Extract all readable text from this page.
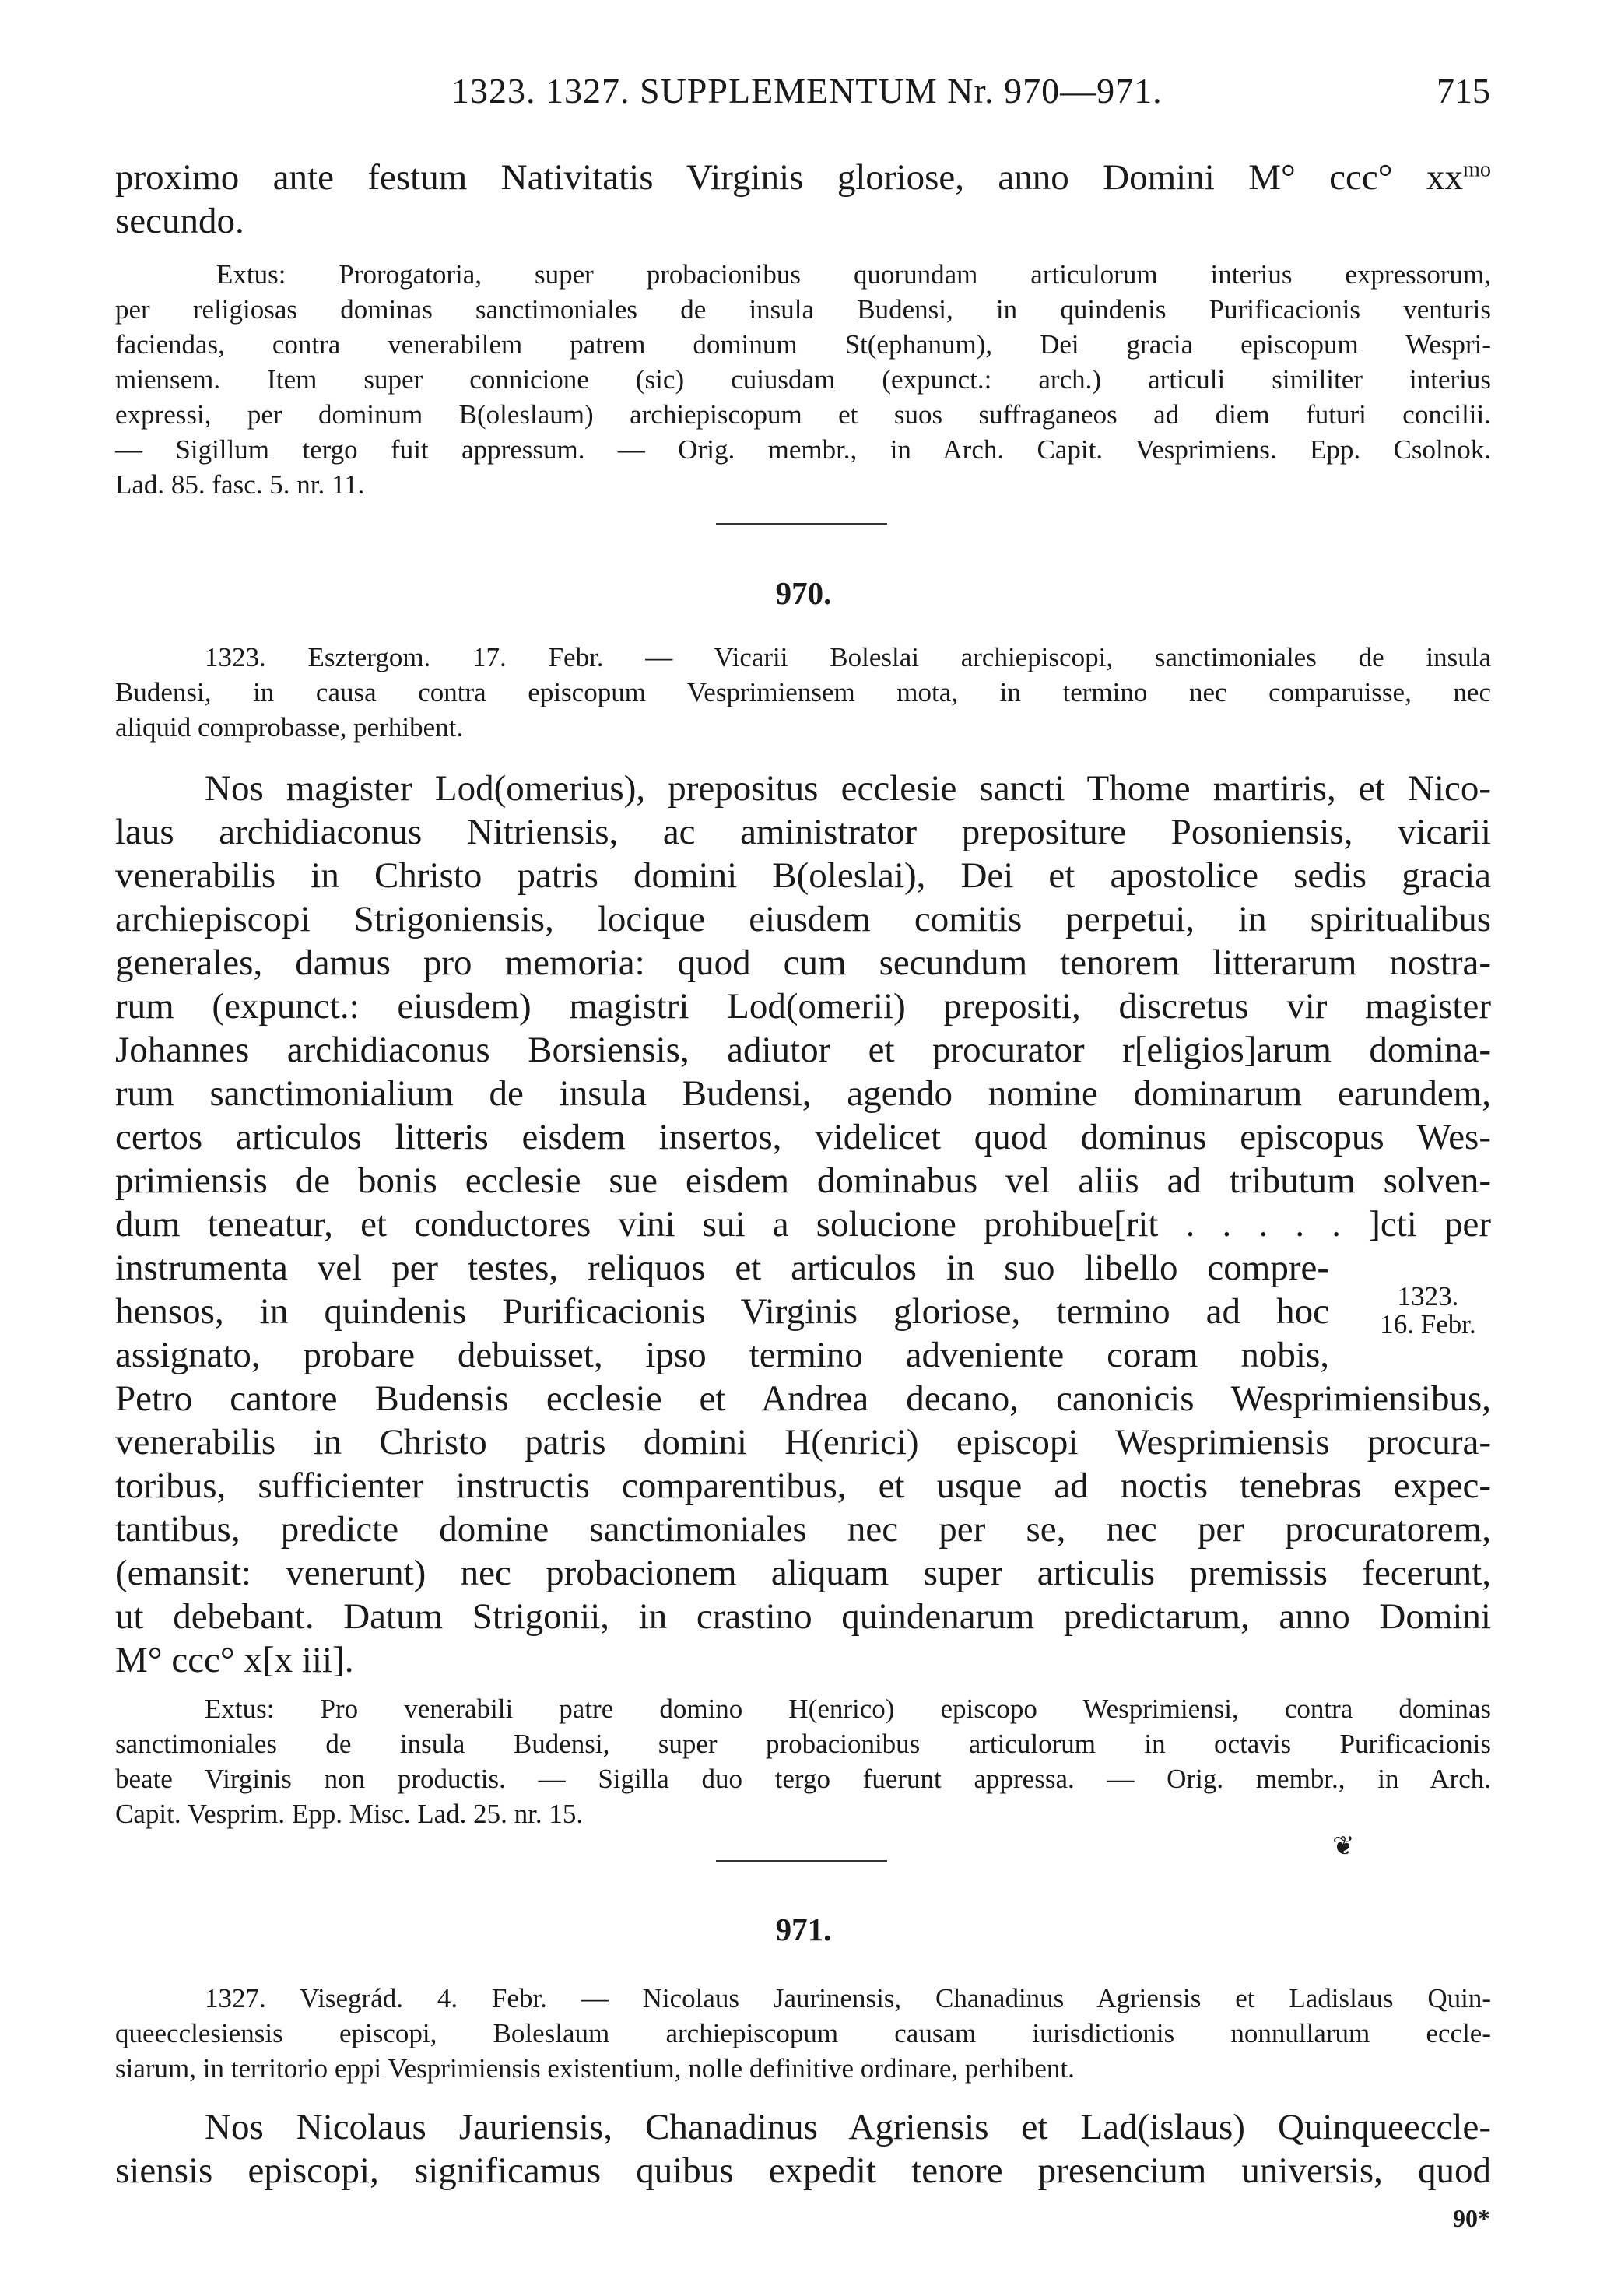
1323. 1327. SUPPLEMENTUM Nr. 970—971.	715
proximo ante festum Nativitatis Virginis gloriose, anno Domini M° ccc° $xx^{mo}$
secundo.
Extus: Prorogatoria, super probacionibus quorundam articulorum interius expressorum,
per religiosas dominas sanctimoniales de insula Budensi, in quindenis Purificacionis venturis
faciendas, contra venerabilem patrem dominum St(ephanum), Dei gracia episcopum Wespri-
miensem. Item super connicione (sic) cuiusdam (expunct.: arch.) articuli similiter interius
expressi, per dominum B(oleslaum) archiepiscopum et suos suffraganeos ad diem futuri concilii.
— Sigillum tergo fuit appressum. — Orig. membr., in Arch. Capit. Vesprimiens. Epp. Csolnok.
Lad. 85. fasc. 5. nr. 11.
970.
1323. Esztergom. 17. Febr. — Vicarii Boleslai archiepiscopi, sanctimoniales de insula
Budensi, in causa contra episcopum Vesprimiensem mota, in termino nec comparuisse, nec
aliquid comprobasse, perhibent.
Nos magister Lod(omerius), prepositus ecclesie sancti Thome martiris, et Nico-
laus archidiaconus Nitriensis, ac aministrator prepositure Posoniensis, vicarii
venerabilis in Christo patris domini B(oleslai), Dei et apostolice sedis gracia
archiepiscopi Strigoniensis, locique eiusdem comitis perpetui, in spiritualibus
generales, damus pro memoria: quod cum secundum tenorem litterarum nostra-
rum (expunct.: eiusdem) magistri Lod(omerii) prepositi, discretus vir magister
Johannes archidiaconus Borsiensis, adiutor et procurator r[eligios]arum domina-
rum sanctimonialium de insula Budensi, agendo nomine dominarum earundem,
certos articulos litteris eisdem insertos, videlicet quod dominus episcopus Wes-
primiensis de bonis ecclesie sue eisdem dominabus vel aliis ad tributum solven-
dum teneatur, et conductores vini sui a solucione prohibue[rit . . . . . ]cti per
instrumenta vel per testes, reliquos et articulos in suo libello compre-
hensos, in quindenis Purificacionis Virginis gloriose, termino ad hoc
assignato, probare debuisset, ipso termino adveniente coram nobis,
Petro cantore Budensis ecclesie et Andrea decano, canonicis Wesprimiensibus,
venerabilis in Christo patris domini H(enrici) episcopi Wesprimiensis procura-
toribus, sufficienter instructis comparentibus, et usque ad noctis tenebras expec-
tantibus, predicte domine sanctimoniales nec per se, nec per procuratorem,
(emansit: venerunt) nec probacionem aliquam super articulis premissis fecerunt,
ut debebant. Datum Strigonii, in crastino quindenarum predictarum, anno Domini
M° ccc° x[x iii].
1323.
16. Febr.
Extus: Pro venerabili patre domino H(enrico) episcopo Wesprimiensi, contra dominas
sanctimoniales de insula Budensi, super probacionibus articulorum in octavis Purificacionis
beate Virginis non productis. — Sigilla duo tergo fuerunt appressa. — Orig. membr., in Arch.
Capit. Vesprim. Epp. Misc. Lad. 25. nr. 15.
❦
971.
1327. Visegrád. 4. Febr. — Nicolaus Jaurinensis, Chanadinus Agriensis et Ladislaus Quin-
queecclesiensis episcopi, Boleslaum archiepiscopum causam iurisdictionis nonnullarum eccle-
siarum, in territorio eppi Vesprimiensis existentium, nolle definitive ordinare, perhibent.
Nos Nicolaus Jauriensis, Chanadinus Agriensis et Lad(islaus) Quinqueeccle-
siensis episcopi, significamus quibus expedit tenore presencium universis, quod
90*
